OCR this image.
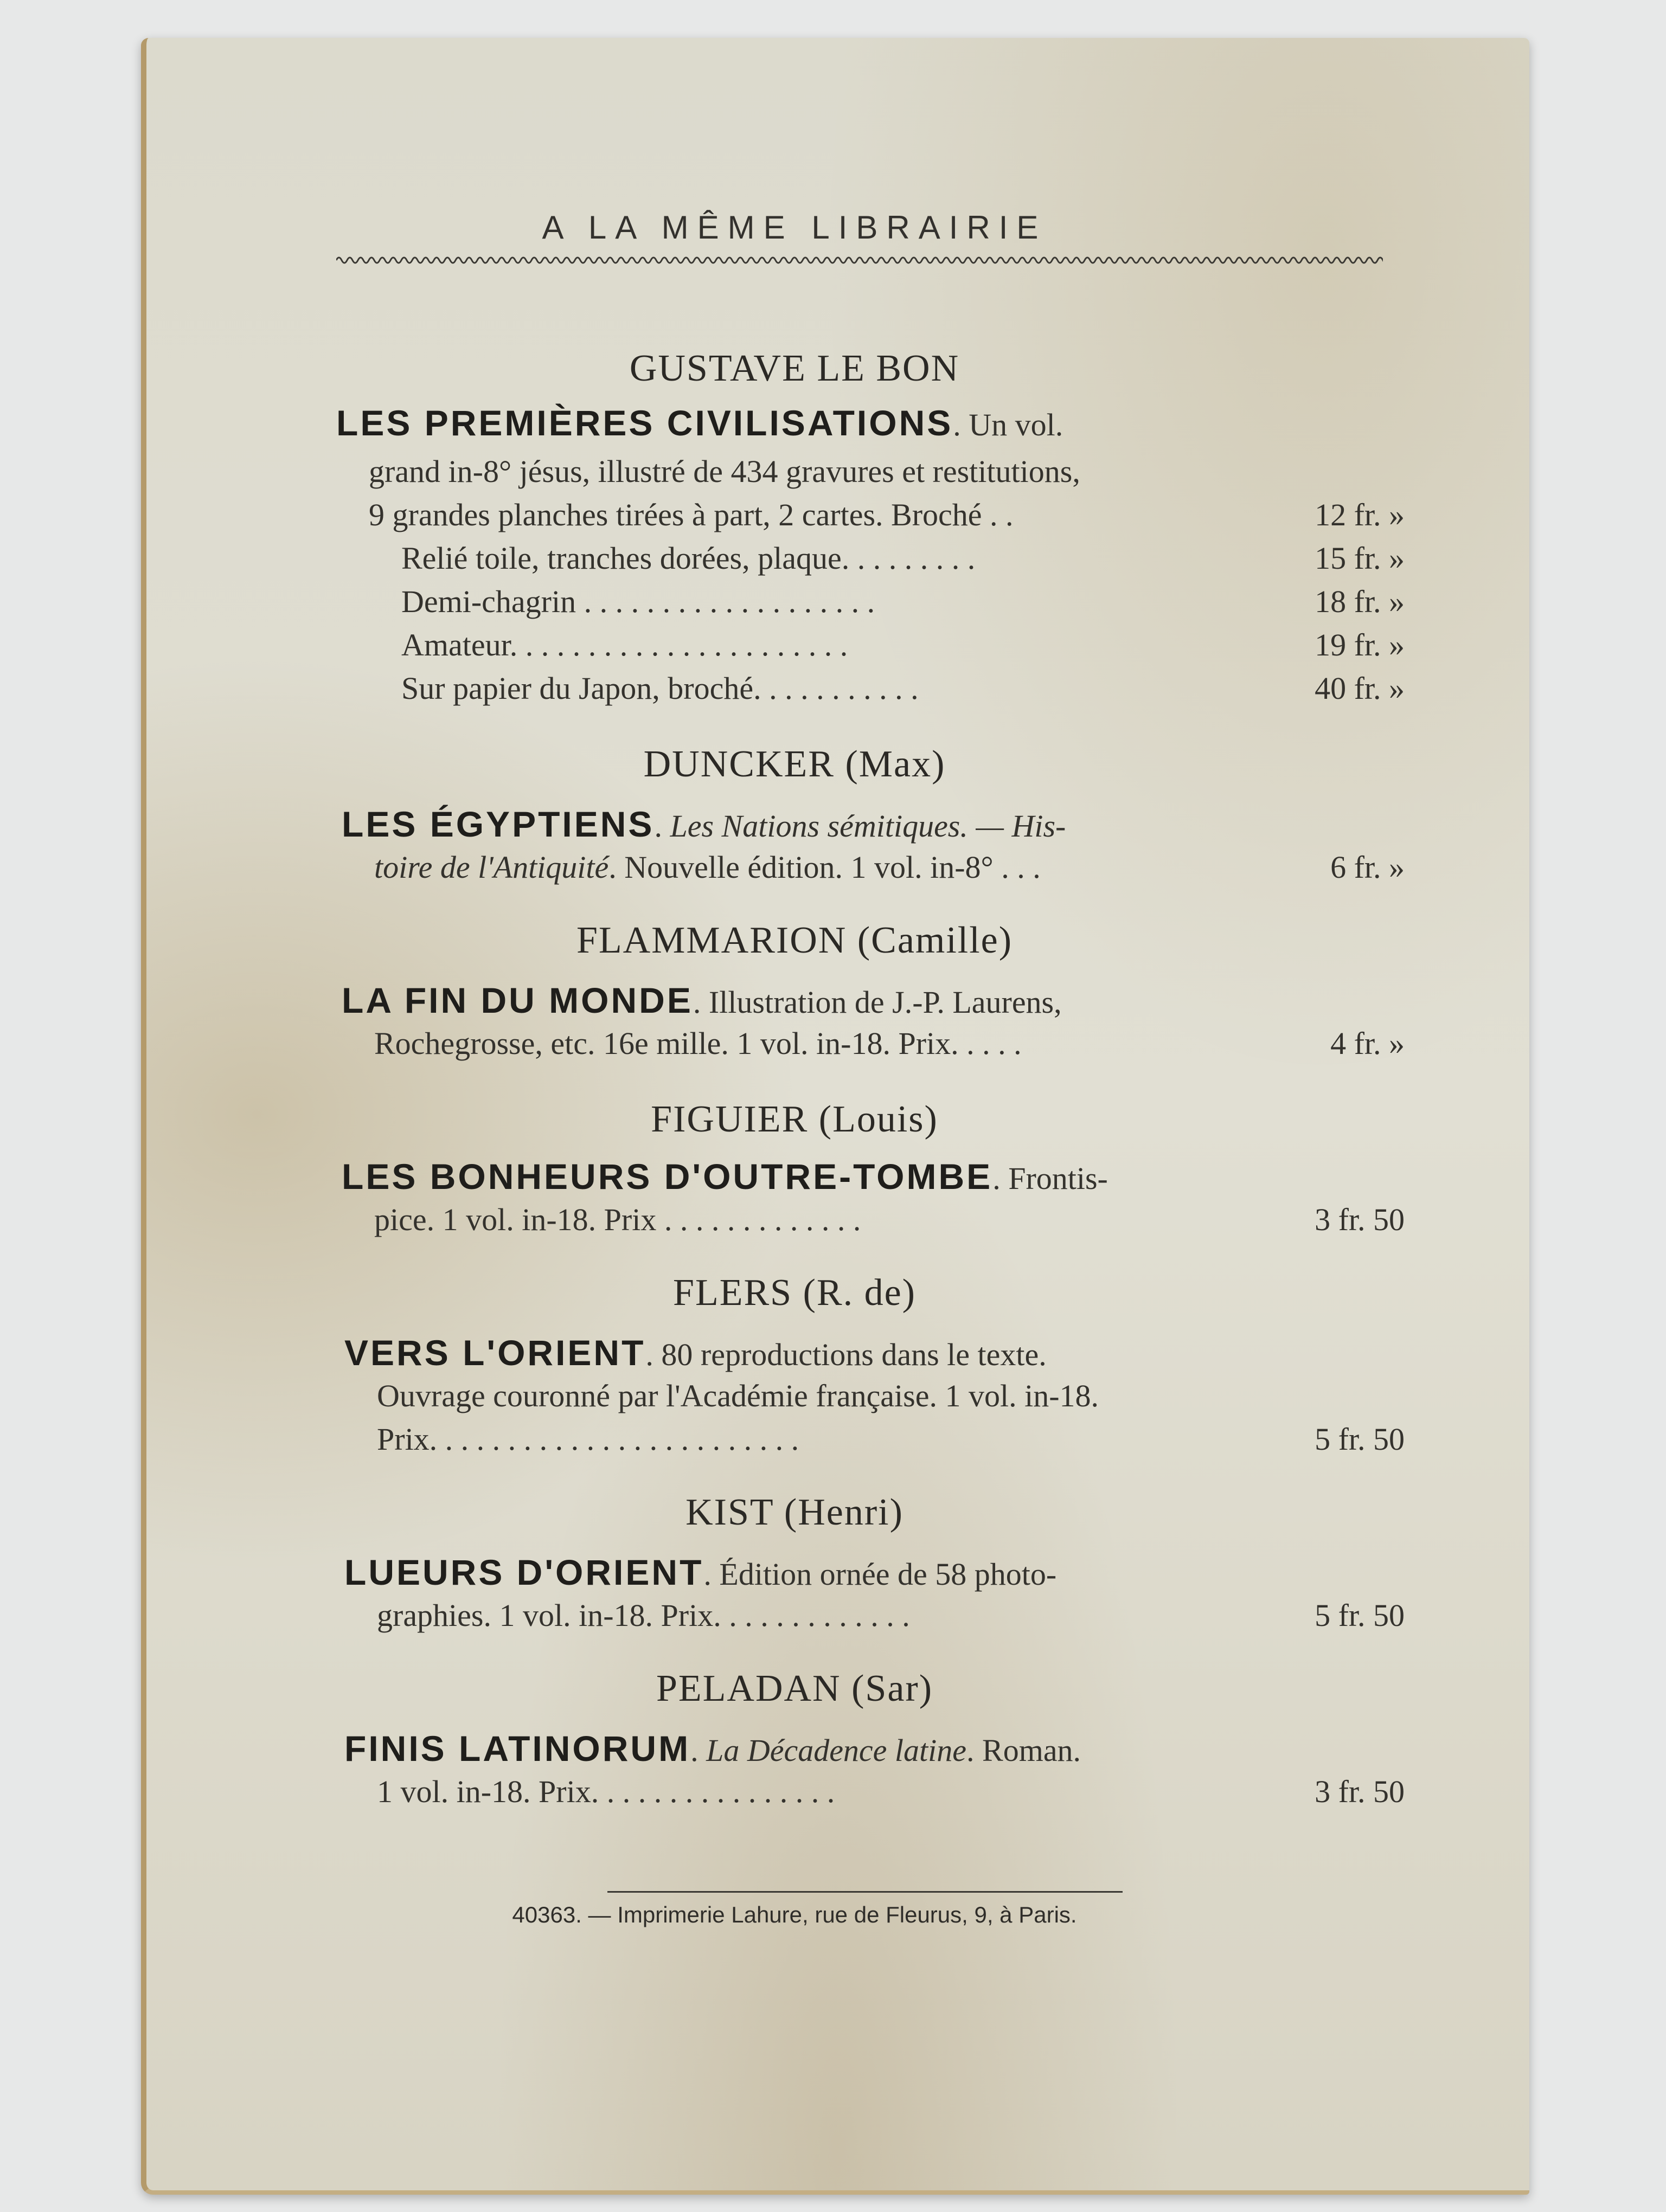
A LA MÊME LIBRAIRIE
GUSTAVE LE BON
LES PREMIÈRES CIVILISATIONS. Un vol.
grand in-8° jésus, illustré de 434 gravures et restitutions,
9 grandes planches tirées à part, 2 cartes. Broché . .	12 fr. »
Relié toile, tranches dorées, plaque. . . . . . . . .	15 fr. »
Demi-chagrin . . . . . . . . . . . . . . . . . . .	18 fr. »
Amateur. . . . . . . . . . . . . . . . . . . . . .	19 fr. »
Sur papier du Japon, broché. . . . . . . . . . .	40 fr. »
DUNCKER (Max)
LES ÉGYPTIENS. Les Nations sémitiques. — His-
toire de l'Antiquité. Nouvelle édition. 1 vol. in-8° . . .	6 fr. »
FLAMMARION (Camille)
LA FIN DU MONDE. Illustration de J.-P. Laurens,
Rochegrosse, etc. 16e mille. 1 vol. in-18. Prix. . . . .	4 fr. »
FIGUIER (Louis)
LES BONHEURS D'OUTRE-TOMBE. Frontis-
pice. 1 vol. in-18. Prix . . . . . . . . . . . . .	3 fr. 50
FLERS (R. de)
VERS L'ORIENT. 80 reproductions dans le texte.
Ouvrage couronné par l'Académie française. 1 vol. in-18.
Prix. . . . . . . . . . . . . . . . . . . . . . . .	5 fr. 50
KIST (Henri)
LUEURS D'ORIENT. Édition ornée de 58 photo-
graphies. 1 vol. in-18. Prix. . . . . . . . . . . . .	5 fr. 50
PELADAN (Sar)
FINIS LATINORUM. La Décadence latine. Roman.
1 vol. in-18. Prix. . . . . . . . . . . . . . . .	3 fr. 50
40363. — Imprimerie Lahure, rue de Fleurus, 9, à Paris.
